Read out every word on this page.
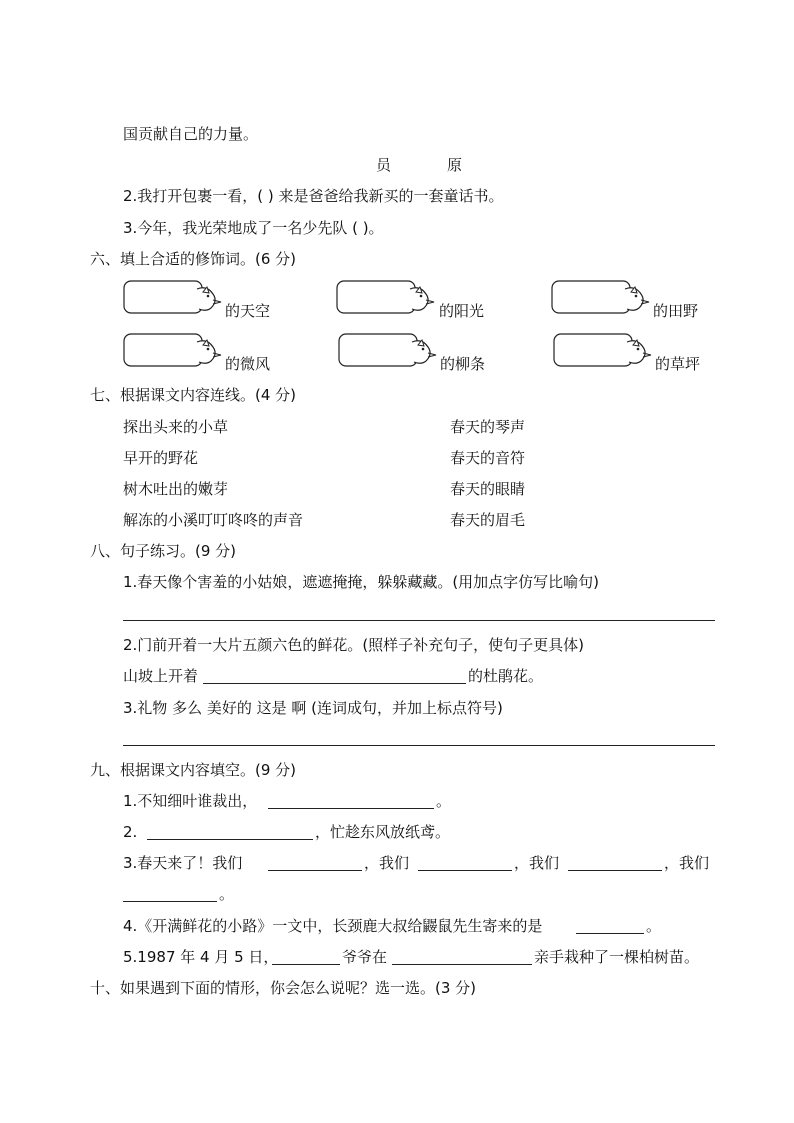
国贡献自己的力量。
员	原
2.我打开包裹一看，( ) 来是爸爸给我新买的一套童话书。
3.今年，我光荣地成了一名少先队 ( )。
六、填上合适的修饰词。(6 分)
的天空	的阳光	的田野
的微风	的柳条	的草坪
七、根据课文内容连线。(4 分)
探出头来的小草
早开的野花
树木吐出的嫩芽
解冻的小溪叮叮咚咚的声音
春天的琴声
春天的音符
春天的眼睛
春天的眉毛
八、句子练习。(9 分)
1.春天像个害羞的小姑娘，遮遮掩掩，躲躲藏藏。(用加点字仿写比喻句)
2.门前开着一大片五颜六色的鲜花。(照样子补充句子，使句子更具体)
山坡上开着	的杜鹃花。
3.礼物 多么 美好的 这是 啊 (连词成句，并加上标点符号)
九、根据课文内容填空。(9 分)
1.不知细叶谁裁出，	。
2.	，忙趁东风放纸鸢。
3.春天来了！我们	，我们	，我们	，我们
。
4.《开满鲜花的小路》一文中，长颈鹿大叔给鼹鼠先生寄来的是	。
5.1987 年 4 月 5 日，	爷爷在	亲手栽种了一棵柏树苗。
十、如果遇到下面的情形，你会怎么说呢？选一选。(3 分)
